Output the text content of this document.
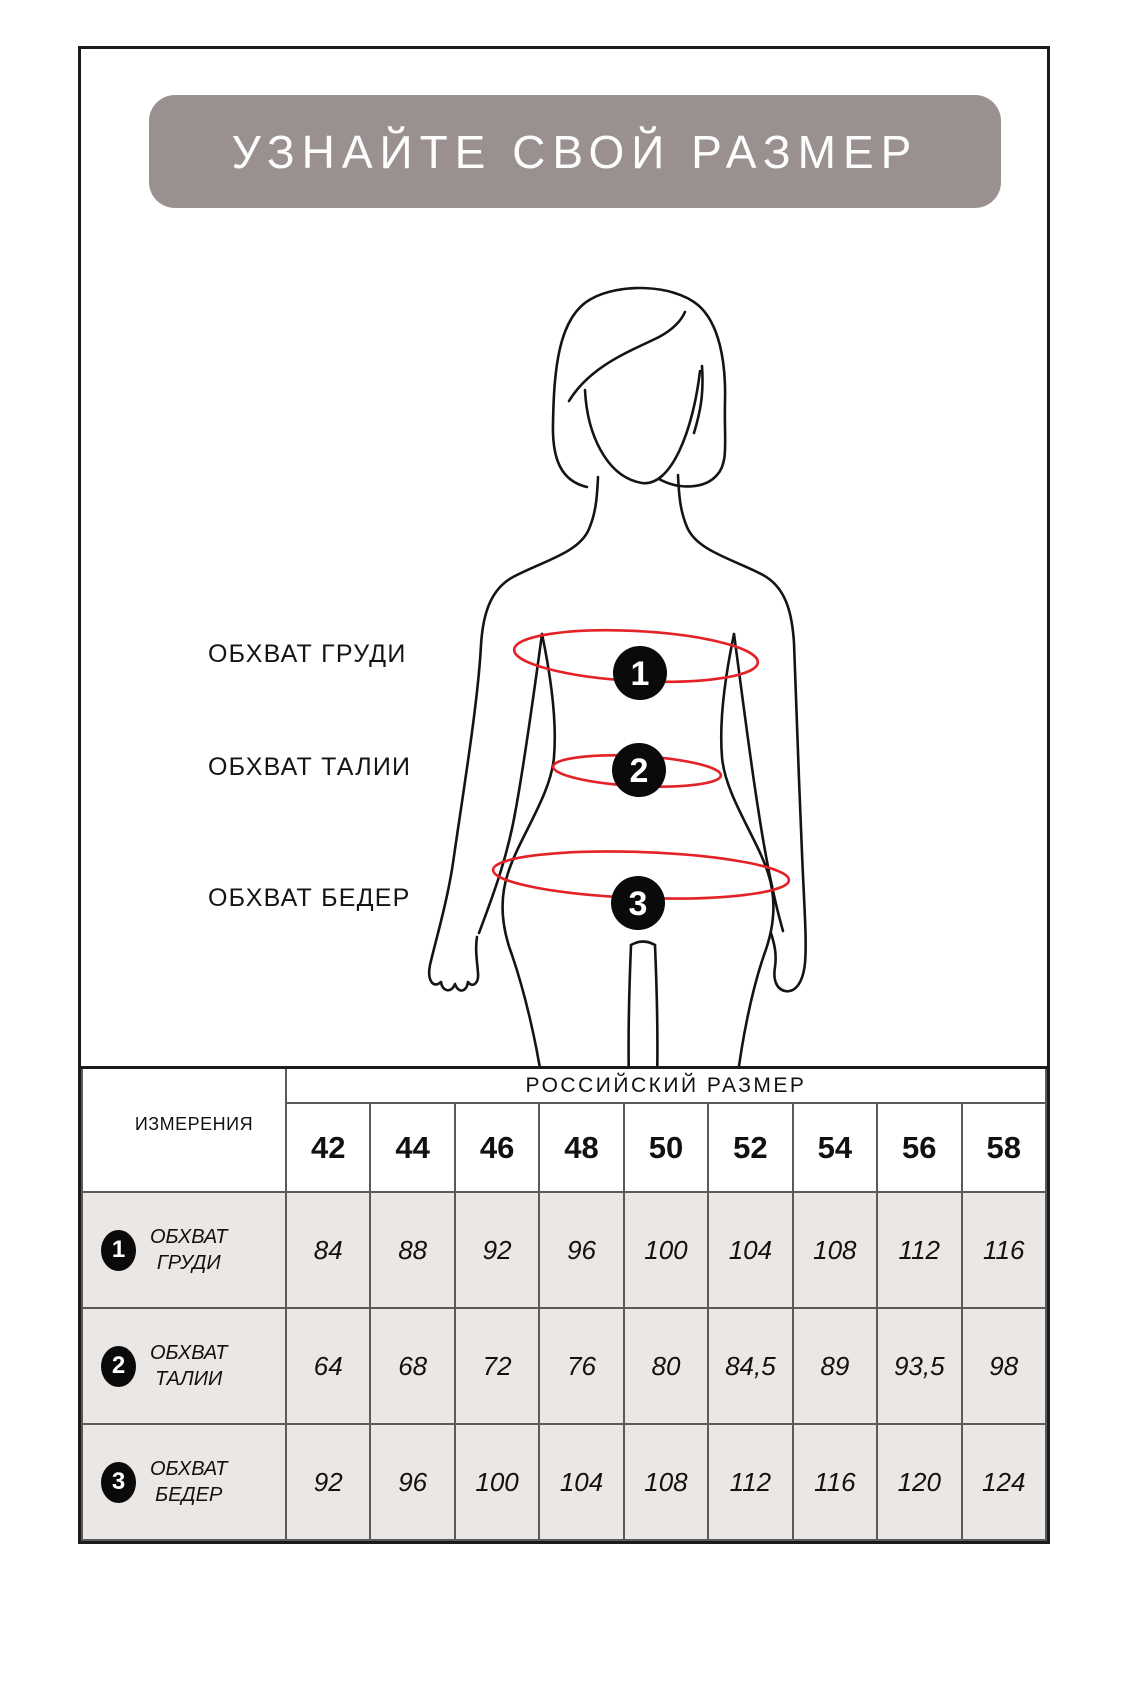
УЗНАЙТЕ СВОЙ РАЗМЕР
ОБХВАТ ГРУДИ
ОБХВАТ ТАЛИИ
ОБХВАТ БЕДЕР
1
2
3
ИЗМЕРЕНИЯ	РОССИЙСКИЙ РАЗМЕР								
	42	44	46	48	50	52	54	56	58

1 ОБХВАТ
ГРУДИ	84	88	92	96	100	104	108	112	116

2 ОБХВАТ
ТАЛИИ	64	68	72	76	80	84,5	89	93,5	98

3 ОБХВАТ
БЕДЕР	92	96	100	104	108	112	116	120	124
